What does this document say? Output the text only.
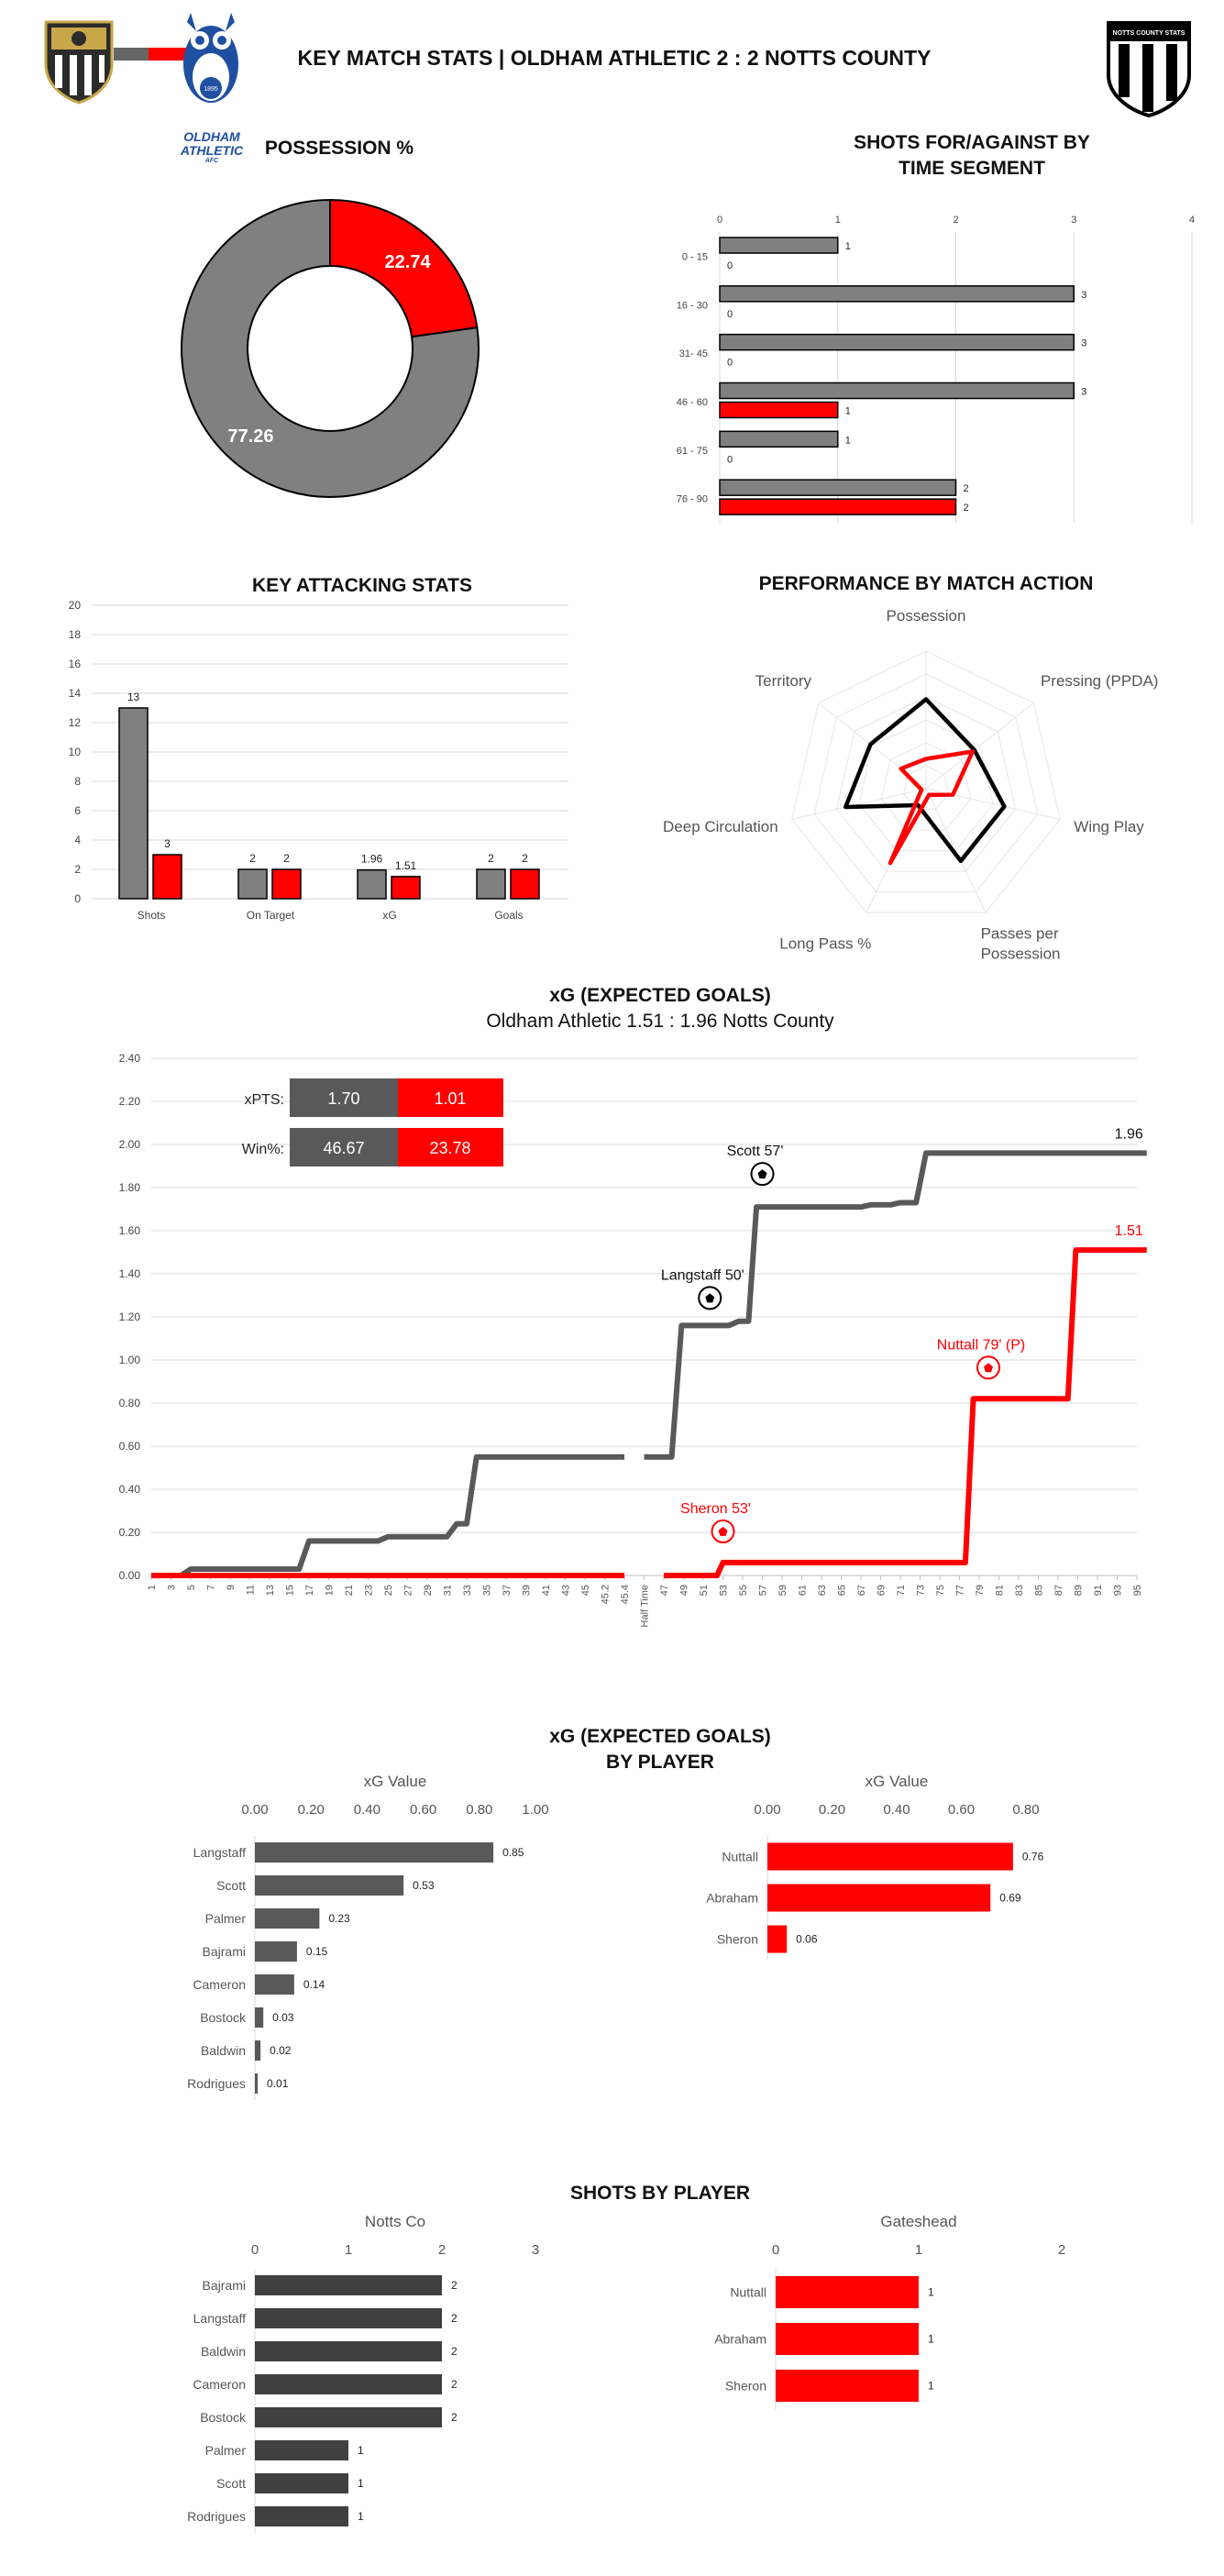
1895
OLDHAM ATHLETIC
AFC
KEY MATCH STATS | OLDHAM ATHLETIC 2 : 2 NOTTS COUNTY
NOTTS COUNTY STATS
POSSESSION %
22.74
77.26
SHOTS FOR/AGAINST BY
TIME SEGMENT
0	1	2	3	4
0 - 15
1
0
16 - 30
3
0
31- 45
3
0
46 - 60
3
1
61 - 75
1
0
76 - 90
2
2
KEY ATTACKING STATS
0
2
4
6
8
10
12
14
16
18
20
Shots
13
3
On Target
2	2
xG
1.96
1.51
Goals
2	2
PERFORMANCE BY MATCH ACTION
Possession
Pressing (PPDA)
Wing Play
Passes per
Possession
Long Pass %
Deep Circulation
Territory
xG (EXPECTED GOALS)
Oldham Athletic 1.51 : 1.96 Notts County
0.00
0.20
0.40
0.60
0.80
1.00
1.20
1.40
1.60
1.80
2.00
2.20
2.40
1 3 5 7 9 11 13 15 17 19 21 23 25 27 29 31 33 35 37 39 41 43 45 45.2 45.4 Half Time 47 49 51 53 55 57 59 61 63 65 67 69 71 73 75 77 79 81 83 85 87 89 91 93 95
1.96
1.51
Langstaff 50'
Scott 57'
Sheron 53'
Nuttall 79' (P)
xPTS:	1.70	1.01
Win%: 46.67	23.78
xG (EXPECTED GOALS)
BY PLAYER
xG Value
0.00 0.20 0.40 0.60 0.80 1.00
Langstaff	0.85
Scott	0.53
Palmer	0.23
Bajrami	0.15
Cameron	0.14
Bostock 0.03
Baldwin 0.02
Rodrigues 0.01
xG Value
0.00	0.20	0.40	0.60	0.80
Nuttall	0.76
Abraham	0.69
Sheron	0.06
SHOTS BY PLAYER
Notts Co
0	1	2	3
Bajrami	2
Langstaff	2
Baldwin	2
Cameron	2
Bostock	2
Palmer	1
Scott	1
Rodrigues	1
Gateshead
0	1	2
Nuttall	1
Abraham	1
Sheron	1
